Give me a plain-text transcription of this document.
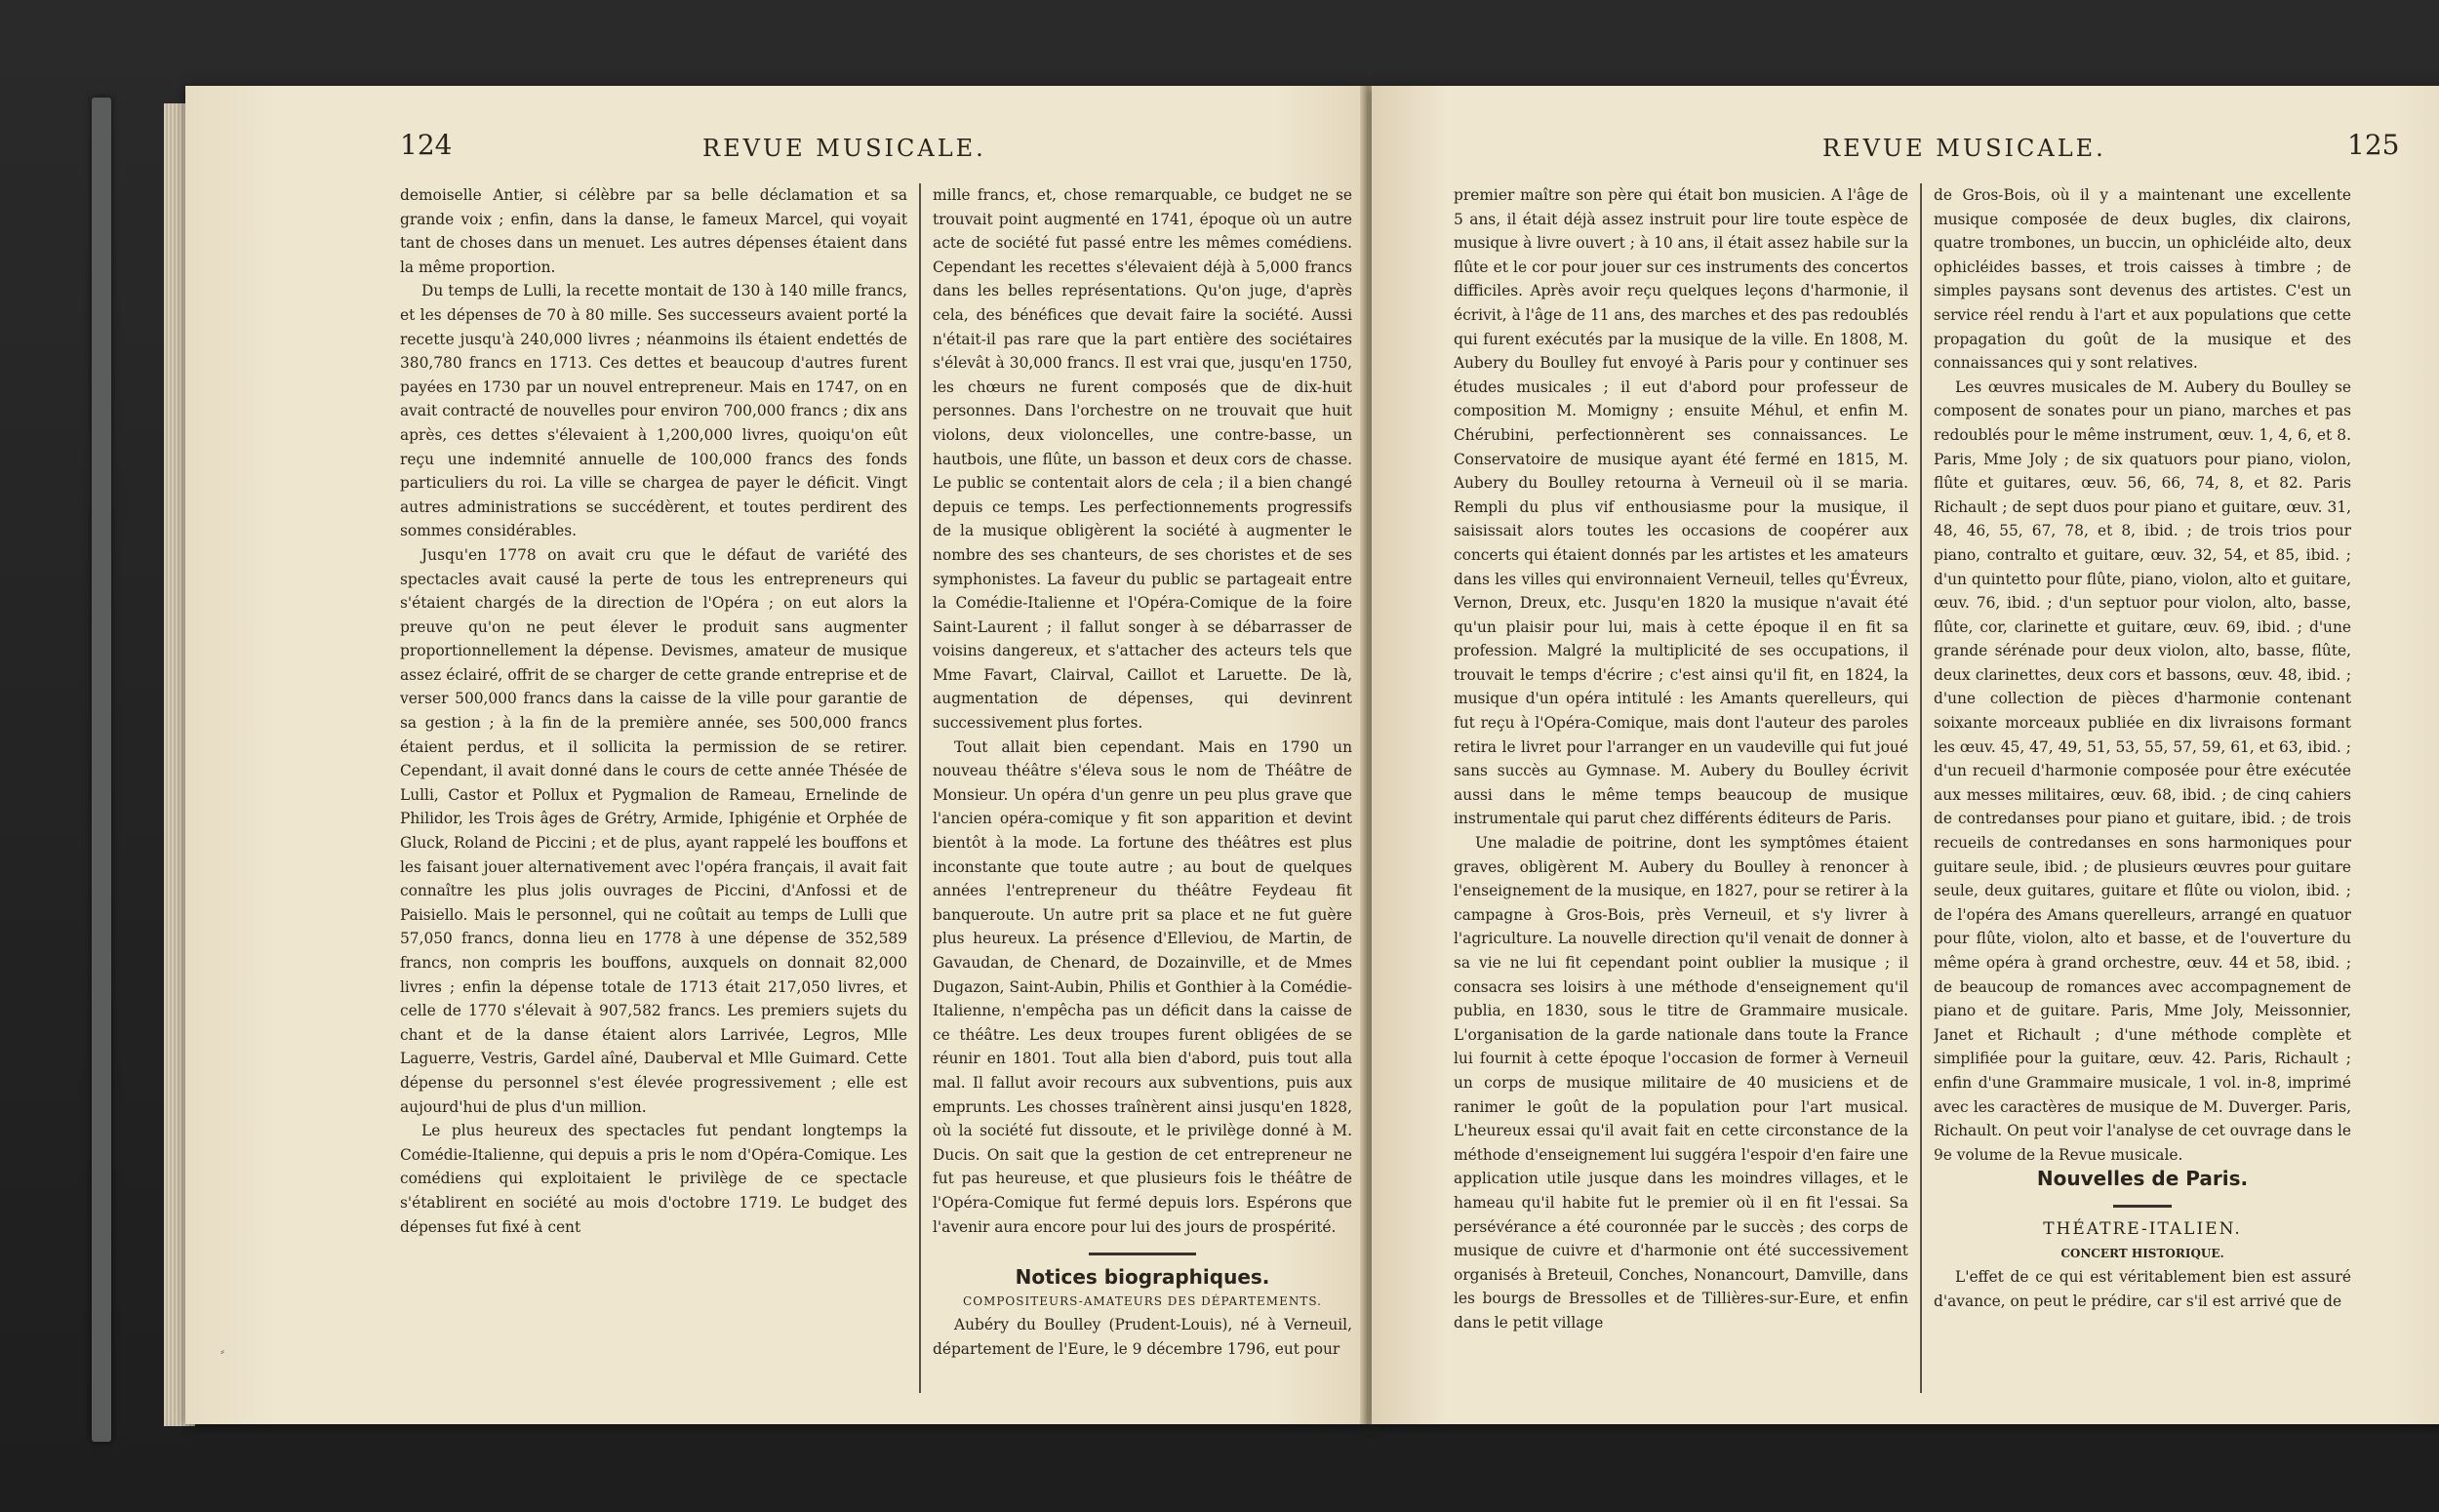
124	REVUE MUSICALE.

demoiselle Antier, si célèbre par sa belle déclamation et sa grande voix ; enfin, dans la danse, le fameux Marcel, qui voyait tant de choses dans un menuet. Les autres dépenses étaient dans la même proportion.

Du temps de Lulli, la recette montait de 130 à 140 mille francs, et les dépenses de 70 à 80 mille. Ses successeurs avaient porté la recette jusqu'à 240,000 livres ; néanmoins ils étaient endettés de 380,780 francs en 1713. Ces dettes et beaucoup d'autres furent payées en 1730 par un nouvel entrepreneur. Mais en 1747, on en avait contracté de nouvelles pour environ 700,000 francs ; dix ans après, ces dettes s'élevaient à 1,200,000 livres, quoiqu'on eût reçu une indemnité annuelle de 100,000 francs des fonds particuliers du roi. La ville se chargea de payer le déficit. Vingt autres administrations se succédèrent, et toutes perdirent des sommes considérables.

Jusqu'en 1778 on avait cru que le défaut de variété des spectacles avait causé la perte de tous les entrepreneurs qui s'étaient chargés de la direction de l'Opéra ; on eut alors la preuve qu'on ne peut élever le produit sans augmenter proportionnellement la dépense. Devismes, amateur de musique assez éclairé, offrit de se charger de cette grande entreprise et de verser 500,000 francs dans la caisse de la ville pour garantie de sa gestion ; à la fin de la première année, ses 500,000 francs étaient perdus, et il sollicita la permission de se retirer. Cependant, il avait donné dans le cours de cette année Thésée de Lulli, Castor et Pollux et Pygmalion de Rameau, Ernelinde de Philidor, les Trois âges de Grétry, Armide, Iphigénie et Orphée de Gluck, Roland de Piccini ; et de plus, ayant rappelé les bouffons et les faisant jouer alternativement avec l'opéra français, il avait fait connaître les plus jolis ouvrages de Piccini, d'Anfossi et de Paisiello. Mais le personnel, qui ne coûtait au temps de Lulli que 57,050 francs, donna lieu en 1778 à une dépense de 352,589 francs, non compris les bouffons, auxquels on donnait 82,000 livres ; enfin la dépense totale de 1713 était 217,050 livres, et celle de 1770 s'élevait à 907,582 francs. Les premiers sujets du chant et de la danse étaient alors Larrivée, Legros, Mlle Laguerre, Vestris, Gardel aîné, Dauberval et Mlle Guimard. Cette dépense du personnel s'est élevée progressivement ; elle est aujourd'hui de plus d'un million.

Le plus heureux des spectacles fut pendant longtemps la Comédie-Italienne, qui depuis a pris le nom d'Opéra-Comique. Les comédiens qui exploitaient le privilège de ce spectacle s'établirent en société au mois d'octobre 1719. Le budget des dépenses fut fixé à cent

mille francs, et, chose remarquable, ce budget ne se trouvait point augmenté en 1741, époque où un autre acte de société fut passé entre les mêmes comédiens. Cependant les recettes s'élevaient déjà à 5,000 francs dans les belles représentations. Qu'on juge, d'après cela, des bénéfices que devait faire la société. Aussi n'était-il pas rare que la part entière des sociétaires s'élevât à 30,000 francs. Il est vrai que, jusqu'en 1750, les chœurs ne furent composés que de dix-huit personnes. Dans l'orchestre on ne trouvait que huit violons, deux violoncelles, une contre-basse, un hautbois, une flûte, un basson et deux cors de chasse. Le public se contentait alors de cela ; il a bien changé depuis ce temps. Les perfectionnements progressifs de la musique obligèrent la société à augmenter le nombre des ses chanteurs, de ses choristes et de ses symphonistes. La faveur du public se partageait entre la Comédie-Italienne et l'Opéra-Comique de la foire Saint-Laurent ; il fallut songer à se débarrasser de voisins dangereux, et s'attacher des acteurs tels que Mme Favart, Clairval, Caillot et Laruette. De là, augmentation de dépenses, qui devinrent successivement plus fortes.

Tout allait bien cependant. Mais en 1790 un nouveau théâtre s'éleva sous le nom de Théâtre de Monsieur. Un opéra d'un genre un peu plus grave que l'ancien opéra-comique y fit son apparition et devint bientôt à la mode. La fortune des théâtres est plus inconstante que toute autre ; au bout de quelques années l'entrepreneur du théâtre Feydeau fit banqueroute. Un autre prit sa place et ne fut guère plus heureux. La présence d'Elleviou, de Martin, de Gavaudan, de Chenard, de Dozainville, et de Mmes Dugazon, Saint-Aubin, Philis et Gonthier à la Comédie-Italienne, n'empêcha pas un déficit dans la caisse de ce théâtre. Les deux troupes furent obligées de se réunir en 1801. Tout alla bien d'abord, puis tout alla mal. Il fallut avoir recours aux subventions, puis aux emprunts. Les chosses traînèrent ainsi jusqu'en 1828, où la société fut dissoute, et le privilège donné à M. Ducis. On sait que la gestion de cet entrepreneur ne fut pas heureuse, et que plusieurs fois le théâtre de l'Opéra-Comique fut fermé depuis lors. Espérons que l'avenir aura encore pour lui des jours de prospérité.

Notices biographiques.

COMPOSITEURS-AMATEURS DES DÉPARTEMENTS.

Aubéry du Boulley (Prudent-Louis), né à Verneuil, département de l'Eure, le 9 décembre 1796, eut pour

⸗
REVUE MUSICALE.	125

premier maître son père qui était bon musicien. A l'âge de 5 ans, il était déjà assez instruit pour lire toute espèce de musique à livre ouvert ; à 10 ans, il était assez habile sur la flûte et le cor pour jouer sur ces instruments des concertos difficiles. Après avoir reçu quelques leçons d'harmonie, il écrivit, à l'âge de 11 ans, des marches et des pas redoublés qui furent exécutés par la musique de la ville. En 1808, M. Aubery du Boulley fut envoyé à Paris pour y continuer ses études musicales ; il eut d'abord pour professeur de composition M. Momigny ; ensuite Méhul, et enfin M. Chérubini, perfectionnèrent ses connaissances. Le Conservatoire de musique ayant été fermé en 1815, M. Aubery du Boulley retourna à Verneuil où il se maria. Rempli du plus vif enthousiasme pour la musique, il saisissait alors toutes les occasions de coopérer aux concerts qui étaient donnés par les artistes et les amateurs dans les villes qui environnaient Verneuil, telles qu'Évreux, Vernon, Dreux, etc. Jusqu'en 1820 la musique n'avait été qu'un plaisir pour lui, mais à cette époque il en fit sa profession. Malgré la multiplicité de ses occupations, il trouvait le temps d'écrire ; c'est ainsi qu'il fit, en 1824, la musique d'un opéra intitulé : les Amants querelleurs, qui fut reçu à l'Opéra-Comique, mais dont l'auteur des paroles retira le livret pour l'arranger en un vaudeville qui fut joué sans succès au Gymnase. M. Aubery du Boulley écrivit aussi dans le même temps beaucoup de musique instrumentale qui parut chez différents éditeurs de Paris.

Une maladie de poitrine, dont les symptômes étaient graves, obligèrent M. Aubery du Boulley à renoncer à l'enseignement de la musique, en 1827, pour se retirer à la campagne à Gros-Bois, près Verneuil, et s'y livrer à l'agriculture. La nouvelle direction qu'il venait de donner à sa vie ne lui fit cependant point oublier la musique ; il consacra ses loisirs à une méthode d'enseignement qu'il publia, en 1830, sous le titre de Grammaire musicale. L'organisation de la garde nationale dans toute la France lui fournit à cette époque l'occasion de former à Verneuil un corps de musique militaire de 40 musiciens et de ranimer le goût de la population pour l'art musical. L'heureux essai qu'il avait fait en cette circonstance de la méthode d'enseignement lui suggéra l'espoir d'en faire une application utile jusque dans les moindres villages, et le hameau qu'il habite fut le premier où il en fit l'essai. Sa persévérance a été couronnée par le succès ; des corps de musique de cuivre et d'harmonie ont été successivement organisés à Breteuil, Conches, Nonancourt, Damville, dans les bourgs de Bressolles et de Tillières-sur-Eure, et enfin dans le petit village

de Gros-Bois, où il y a maintenant une excellente musique composée de deux bugles, dix clairons, quatre trombones, un buccin, un ophicléide alto, deux ophicléides basses, et trois caisses à timbre ; de simples paysans sont devenus des artistes. C'est un service réel rendu à l'art et aux populations que cette propagation du goût de la musique et des connaissances qui y sont relatives.

Les œuvres musicales de M. Aubery du Boulley se composent de sonates pour un piano, marches et pas redoublés pour le même instrument, œuv. 1, 4, 6, et 8. Paris, Mme Joly ; de six quatuors pour piano, violon, flûte et guitares, œuv. 56, 66, 74, 8, et 82. Paris Richault ; de sept duos pour piano et guitare, œuv. 31, 48, 46, 55, 67, 78, et 8, ibid. ; de trois trios pour piano, contralto et guitare, œuv. 32, 54, et 85, ibid. ; d'un quintetto pour flûte, piano, violon, alto et guitare, œuv. 76, ibid. ; d'un septuor pour violon, alto, basse, flûte, cor, clarinette et guitare, œuv. 69, ibid. ; d'une grande sérénade pour deux violon, alto, basse, flûte, deux clarinettes, deux cors et bassons, œuv. 48, ibid. ; d'une collection de pièces d'harmonie contenant soixante morceaux publiée en dix livraisons formant les œuv. 45, 47, 49, 51, 53, 55, 57, 59, 61, et 63, ibid. ; d'un recueil d'harmonie composée pour être exécutée aux messes militaires, œuv. 68, ibid. ; de cinq cahiers de contredanses pour piano et guitare, ibid. ; de trois recueils de contredanses en sons harmoniques pour guitare seule, ibid. ; de plusieurs œuvres pour guitare seule, deux guitares, guitare et flûte ou violon, ibid. ; de l'opéra des Amans querelleurs, arrangé en quatuor pour flûte, violon, alto et basse, et de l'ouverture du même opéra à grand orchestre, œuv. 44 et 58, ibid. ; de beaucoup de romances avec accompagnement de piano et de guitare. Paris, Mme Joly, Meissonnier, Janet et Richault ; d'une méthode complète et simplifiée pour la guitare, œuv. 42. Paris, Richault ; enfin d'une Grammaire musicale, 1 vol. in-8, imprimé avec les caractères de musique de M. Duverger. Paris, Richault. On peut voir l'analyse de cet ouvrage dans le 9e volume de la Revue musicale.

Nouvelles de Paris.

THÉATRE-ITALIEN.

CONCERT HISTORIQUE.

L'effet de ce qui est véritablement bien est assuré d'avance, on peut le prédire, car s'il est arrivé que de
